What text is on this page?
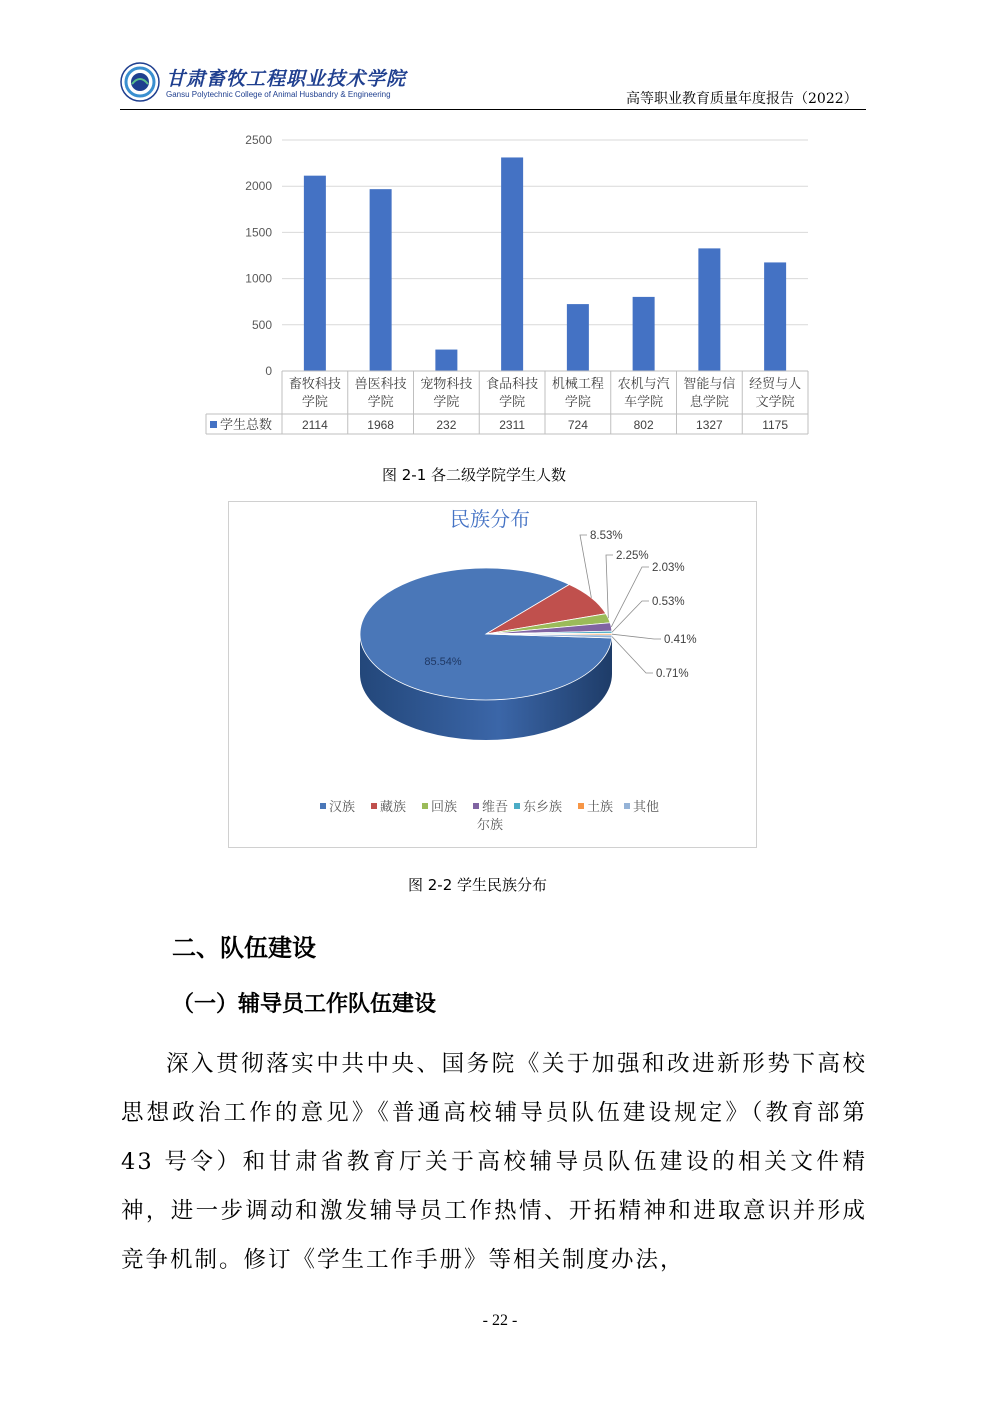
甘肃畜牧工程职业技术学院
Gansu Polytechnic College of Animal Husbandry & Engineering	高等职业教育质量年度报告（2022）
0
500
1000
1500
2000
2500
学生总数
畜牧科技
学院
2114
兽医科技
学院
1968
宠物科技
学院
232
食品科技
学院
2311
机械工程
学院
724
农机与汽
车学院
802
智能与信
息学院
1327
经贸与人
文学院
1175
图 2-1 各二级学院学生人数
民族分布
85.54%
8.53%
2.25%
2.03%
0.53%
0.41%
0.71%
汉族 藏族 回族 维吾
尔族
东乡族 土族 其他
图 2-2 学生民族分布
二、队伍建设
（一）辅导员工作队伍建设

深入贯彻落实中共中央、国务院《关于加强和改进新形势下高校思想政治工作的意见》《普通高校辅导员队伍建设规定》（教育部第 43 号令）和甘肃省教育厅关于高校辅导员队伍建设的相关文件精神，进一步调动和激发辅导员工作热情、开拓精神和进取意识并形成竞争机制。修订《学生工作手册》等相关制度办法，

- 22 -
